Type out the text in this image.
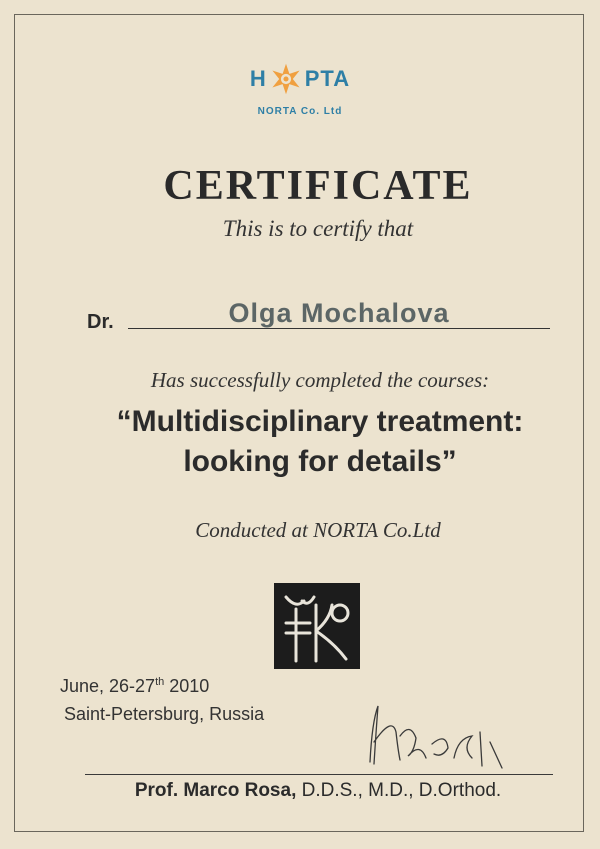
H PTA
NORTA Co. Ltd
CERTIFICATE
This is to certify that
Dr.	Olga Mochalova
Has successfully completed the courses:
“Multidisciplinary treatment:
looking for details”
Conducted at NORTA Co.Ltd
June, 26-27th 2010
Saint-Petersburg, Russia
Prof. Marco Rosa, D.D.S., M.D., D.Orthod.
